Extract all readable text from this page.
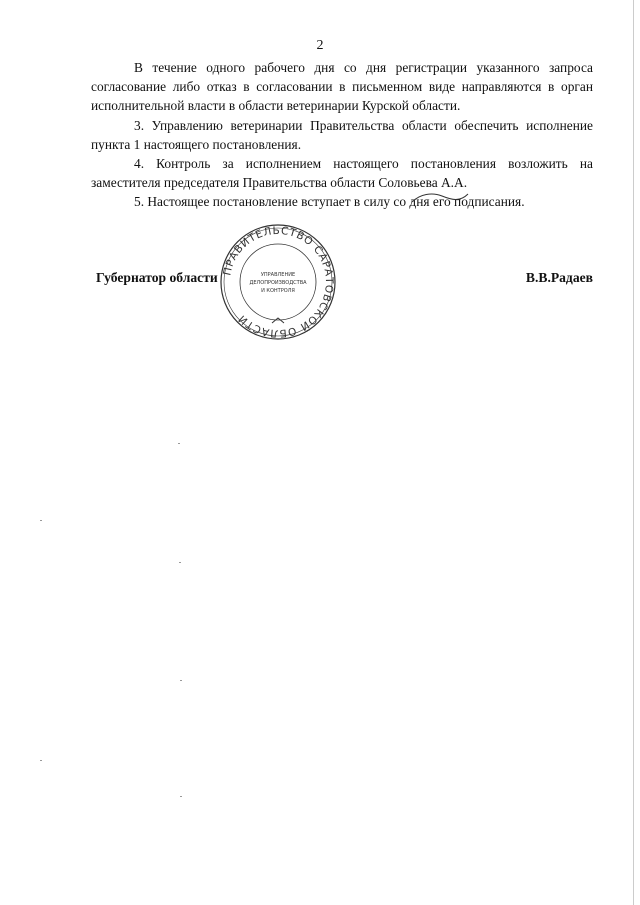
2

В течение одного рабочего дня со дня регистрации указанного запроса согласование либо отказ в согласовании в письменном виде направляются в орган исполнительной власти в области ветеринарии Курской области.

3. Управлению ветеринарии Правительства области обеспечить исполнение пункта 1 настоящего постановления.

4. Контроль за исполнением настоящего постановления возложить на заместителя председателя Правительства области Соловьева А.А.

5. Настоящее постановление вступает в силу со дня его подписания.

Губернатор области	В.В.Радаев
ПРАВИТЕЛЬСТВО САРАТОВСКОЙ ОБЛАСТИ
УПРАВЛЕНИЕ
ДЕЛОПРОИЗВОДСТВА
И КОНТРОЛЯ
